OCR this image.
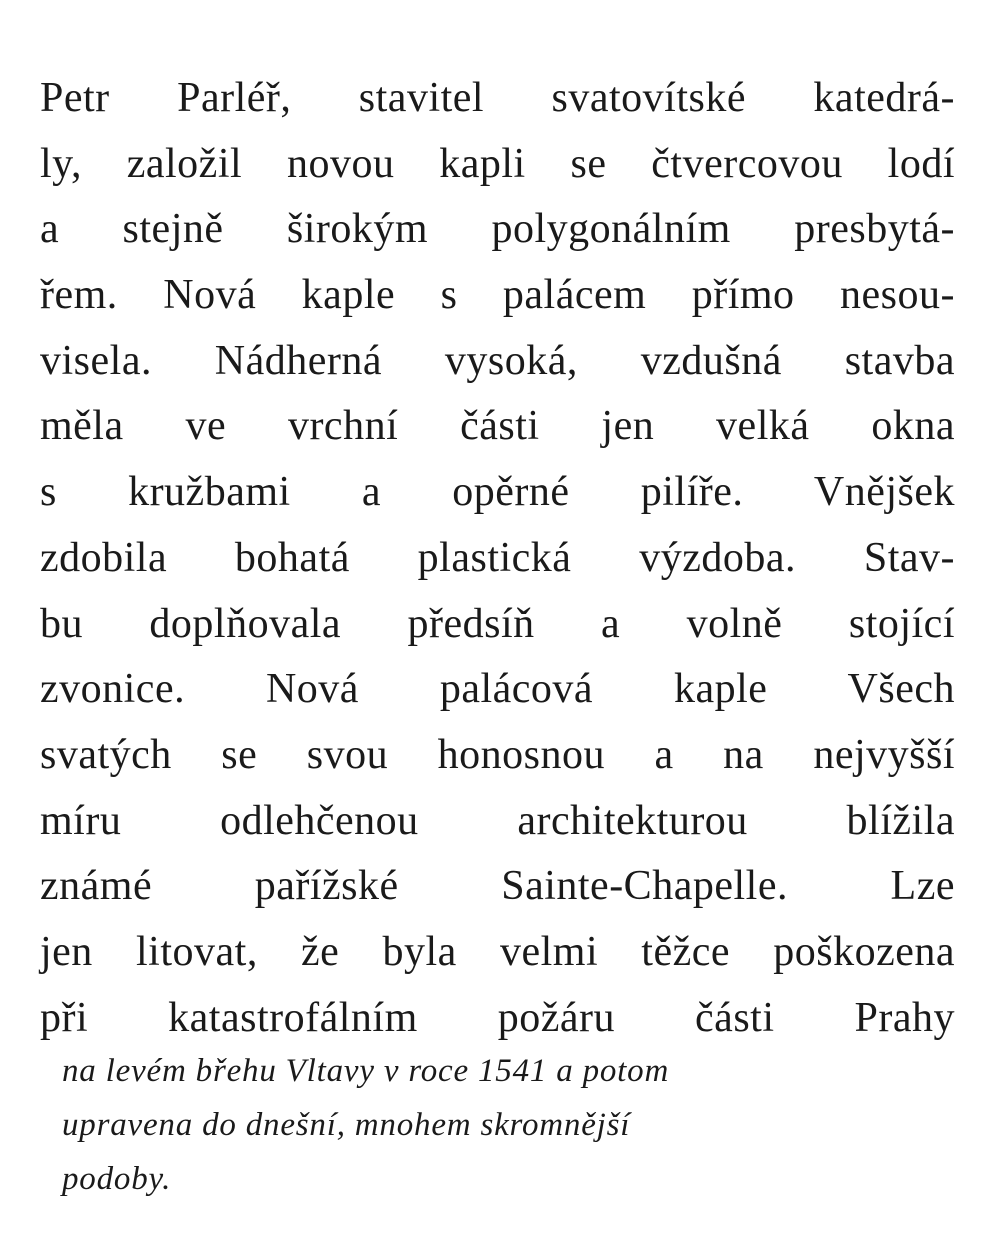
Petr Parléř, stavitel svatovítské katedrá-
ly, založil novou kapli se čtvercovou lodí
a stejně širokým polygonálním presbytá-
řem. Nová kaple s palácem přímo nesou-
visela. Nádherná vysoká, vzdušná stavba
měla ve vrchní části jen velká okna
s kružbami a opěrné pilíře. Vnějšek
zdobila bohatá plastická výzdoba. Stav-
bu doplňovala předsíň a volně stojící
zvonice. Nová palácová kaple Všech
svatých se svou honosnou a na nejvyšší
míru odlehčenou architekturou blížila
známé pařížské Sainte-Chapelle. Lze
jen litovat, že byla velmi těžce poškozena
při katastrofálním požáru části Prahy
na levém břehu Vltavy v roce 1541 a potom
upravena do dnešní, mnohem skromnější
podoby.
